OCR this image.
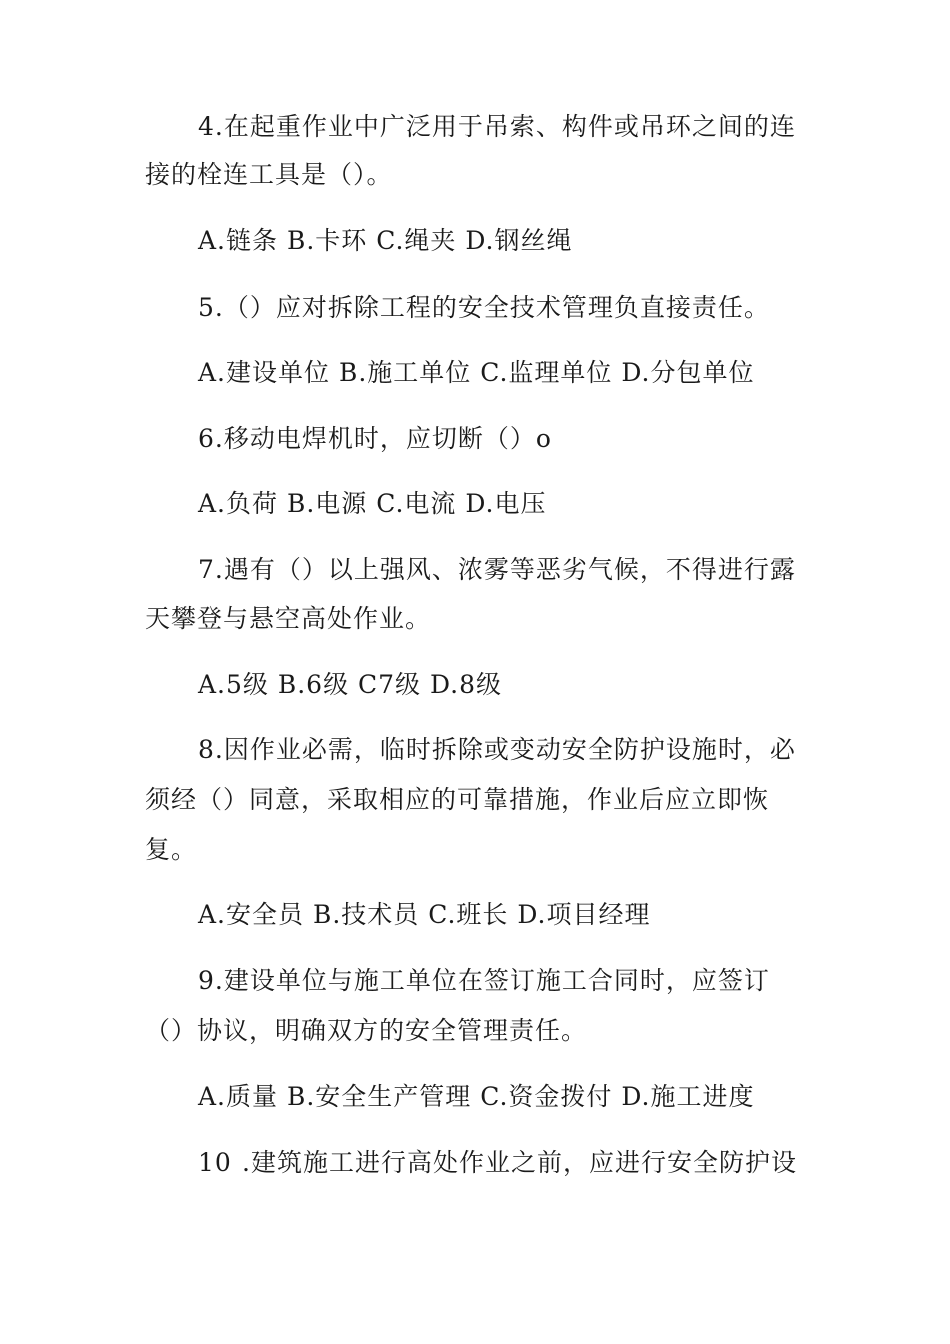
4.在起重作业中广泛用于吊索、构件或吊环之间的连
接的栓连工具是（）。
A.链条 B.卡环 C.绳夹 D.钢丝绳
5.（）应对拆除工程的安全技术管理负直接责任。
A.建设单位 B.施工单位 C.监理单位 D.分包单位
6.移动电焊机时，应切断（）o
A.负荷 B.电源 C.电流 D.电压
7.遇有（）以上强风、浓雾等恶劣气候，不得进行露
天攀登与悬空高处作业。
A.5级 B.6级 C7级 D.8级
8.因作业必需，临时拆除或变动安全防护设施时，必
须经（）同意，采取相应的可靠措施，作业后应立即恢
复。
A.安全员 B.技术员 C.班长 D.项目经理
9.建设单位与施工单位在签订施工合同时，应签订
（）协议，明确双方的安全管理责任。
A.质量 B.安全生产管理 C.资金拨付 D.施工进度
10 .建筑施工进行高处作业之前，应进行安全防护设
